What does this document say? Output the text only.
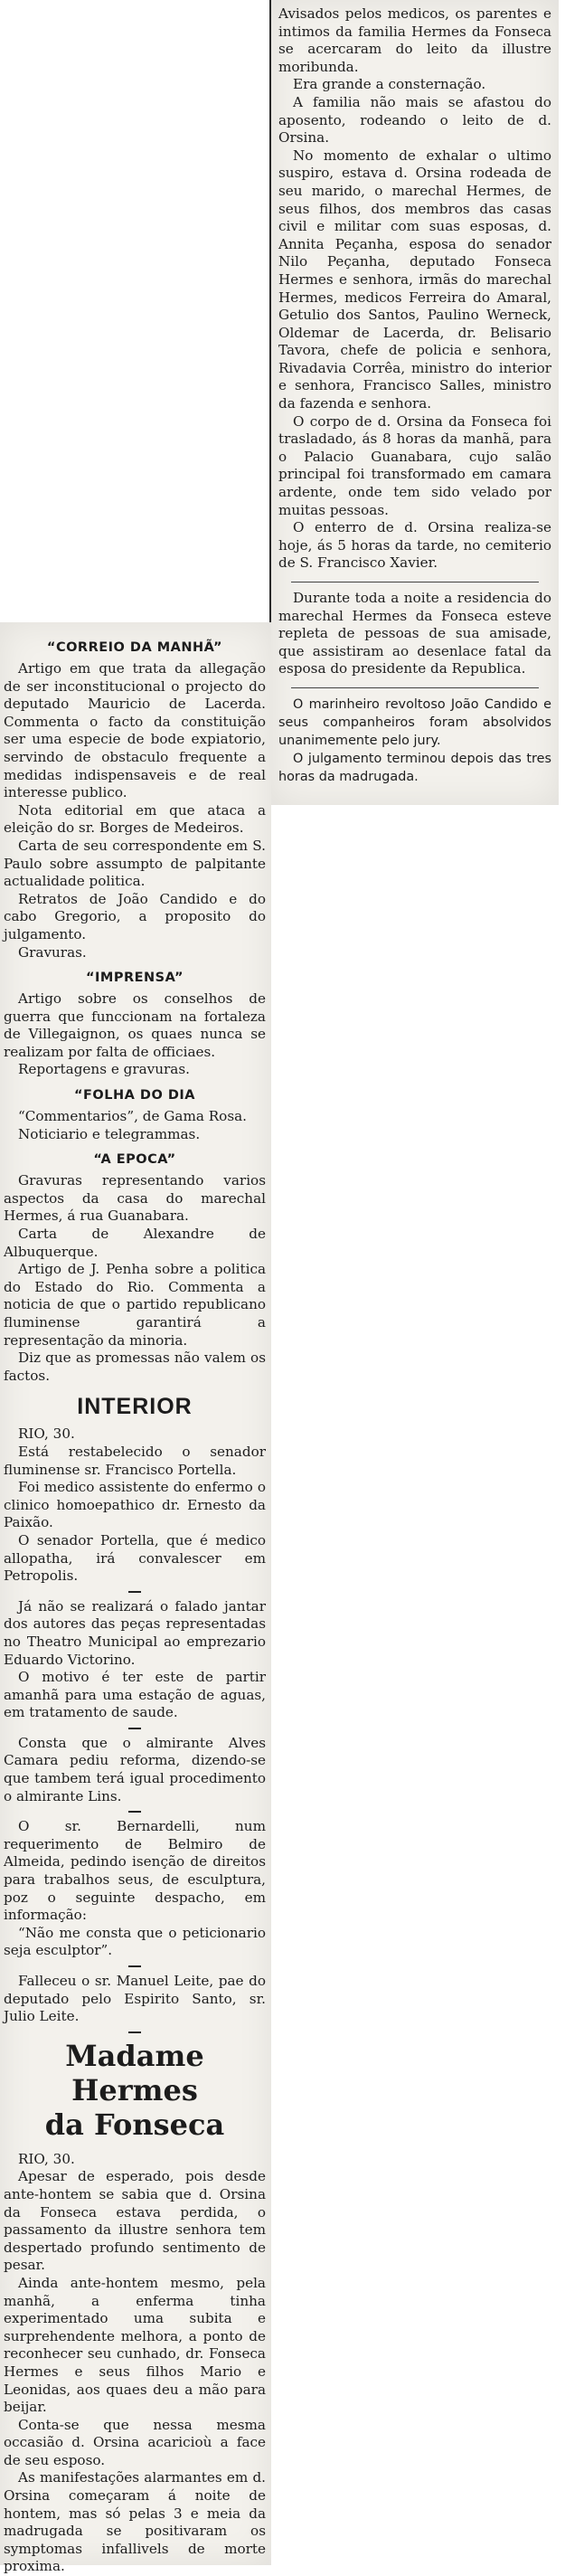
Avisados pelos medicos, os parentes e intimos da familia Hermes da Fonseca se acercaram do leito da illustre moribunda.

Era grande a consternação.

A familia não mais se afastou do aposento, rodeando o leito de d. Orsina.

No momento de exhalar o ultimo suspiro, estava d. Orsina rodeada de seu marido, o marechal Hermes, de seus filhos, dos membros das casas civil e militar com suas esposas, d. Annita Peçanha, esposa do senador Nilo Peçanha, deputado Fonseca Hermes e senhora, irmãs do marechal Hermes, medicos Ferreira do Amaral, Getulio dos Santos, Paulino Werneck, Oldemar de Lacerda, dr. Belisario Tavora, chefe de policia e senhora, Rivadavia Corrêa, ministro do interior e senhora, Francisco Salles, ministro da fazenda e senhora.

O corpo de d. Orsina da Fonseca foi trasladado, ás 8 horas da manhã, para o Palacio Guanabara, cujo salão principal foi transformado em camara ardente, onde tem sido velado por muitas pessoas.

O enterro de d. Orsina realiza-se hoje, ás 5 horas da tarde, no cemiterio de S. Francisco Xavier.

Durante toda a noite a residencia do marechal Hermes da Fonseca esteve repleta de pessoas de sua amisade, que assistiram ao desenlace fatal da esposa do presidente da Republica.

O marinheiro revoltoso João Candido e seus companheiros foram absolvidos unanimemente pelo jury.

O julgamento terminou depois das tres horas da madrugada.

“CORREIO DA MANHÃ”

Artigo em que trata da allegação de ser inconstitucional o projecto do deputado Mauricio de Lacerda. Commenta o facto da constituição ser uma especie de bode expiatorio, servindo de obstaculo frequente a medidas indispensaveis e de real interesse publico.

Nota editorial em que ataca a eleição do sr. Borges de Medeiros.

Carta de seu correspondente em S. Paulo sobre assumpto de palpitante actualidade politica.

Retratos de João Candido e do cabo Gregorio, a proposito do julgamento.

Gravuras.

“IMPRENSA”

Artigo sobre os conselhos de guerra que funccionam na fortaleza de Villegaignon, os quaes nunca se realizam por falta de officiaes.

Reportagens e gravuras.

“FOLHA DO DIA

“Commentarios”, de Gama Rosa.

Noticiario e telegrammas.

“A EPOCA”

Gravuras representando varios aspectos da casa do marechal Hermes, á rua Guanabara.

Carta de Alexandre de Albuquerque.

Artigo de J. Penha sobre a politica do Estado do Rio. Commenta a noticia de que o partido republicano fluminense garantirá a representação da minoria.

Diz que as promessas não valem os factos.

INTERIOR

RIO, 30.

Está restabelecido o senador fluminense sr. Francisco Portella.

Foi medico assistente do enfermo o clinico homoepathico dr. Ernesto da Paixão.

O senador Portella, que é medico allopatha, irá convalescer em Petropolis.

Já não se realizará o falado jantar dos autores das peças representadas no Theatro Municipal ao emprezario Eduardo Victorino.

O motivo é ter este de partir amanhã para uma estação de aguas, em tratamento de saude.

Consta que o almirante Alves Camara pediu reforma, dizendo-se que tambem terá igual procedimento o almirante Lins.

O sr. Bernardelli, num requerimento de Belmiro de Almeida, pedindo isenção de direitos para trabalhos seus, de esculptura, poz o seguinte despacho, em informação:

“Não me consta que o peticionario seja esculptor”.

Falleceu o sr. Manuel Leite, pae do deputado pelo Espirito Santo, sr. Julio Leite.

Madame Hermes
da Fonseca

RIO, 30.

Apesar de esperado, pois desde ante-hontem se sabia que d. Orsina da Fonseca estava perdida, o passamento da illustre senhora tem despertado profundo sentimento de pesar.

Ainda ante-hontem mesmo, pela manhã, a enferma tinha experimentado uma subita e surprehendente melhora, a ponto de reconhecer seu cunhado, dr. Fonseca Hermes e seus filhos Mario e Leonidas, aos quaes deu a mão para beijar.

Conta-se que nessa mesma occasião d. Orsina acaricioù a face de seu esposo.

As manifestações alarmantes em d. Orsina começaram á noite de hontem, mas só pelas 3 e meia da madrugada se positivaram os symptomas infallivels de morte proxima.
